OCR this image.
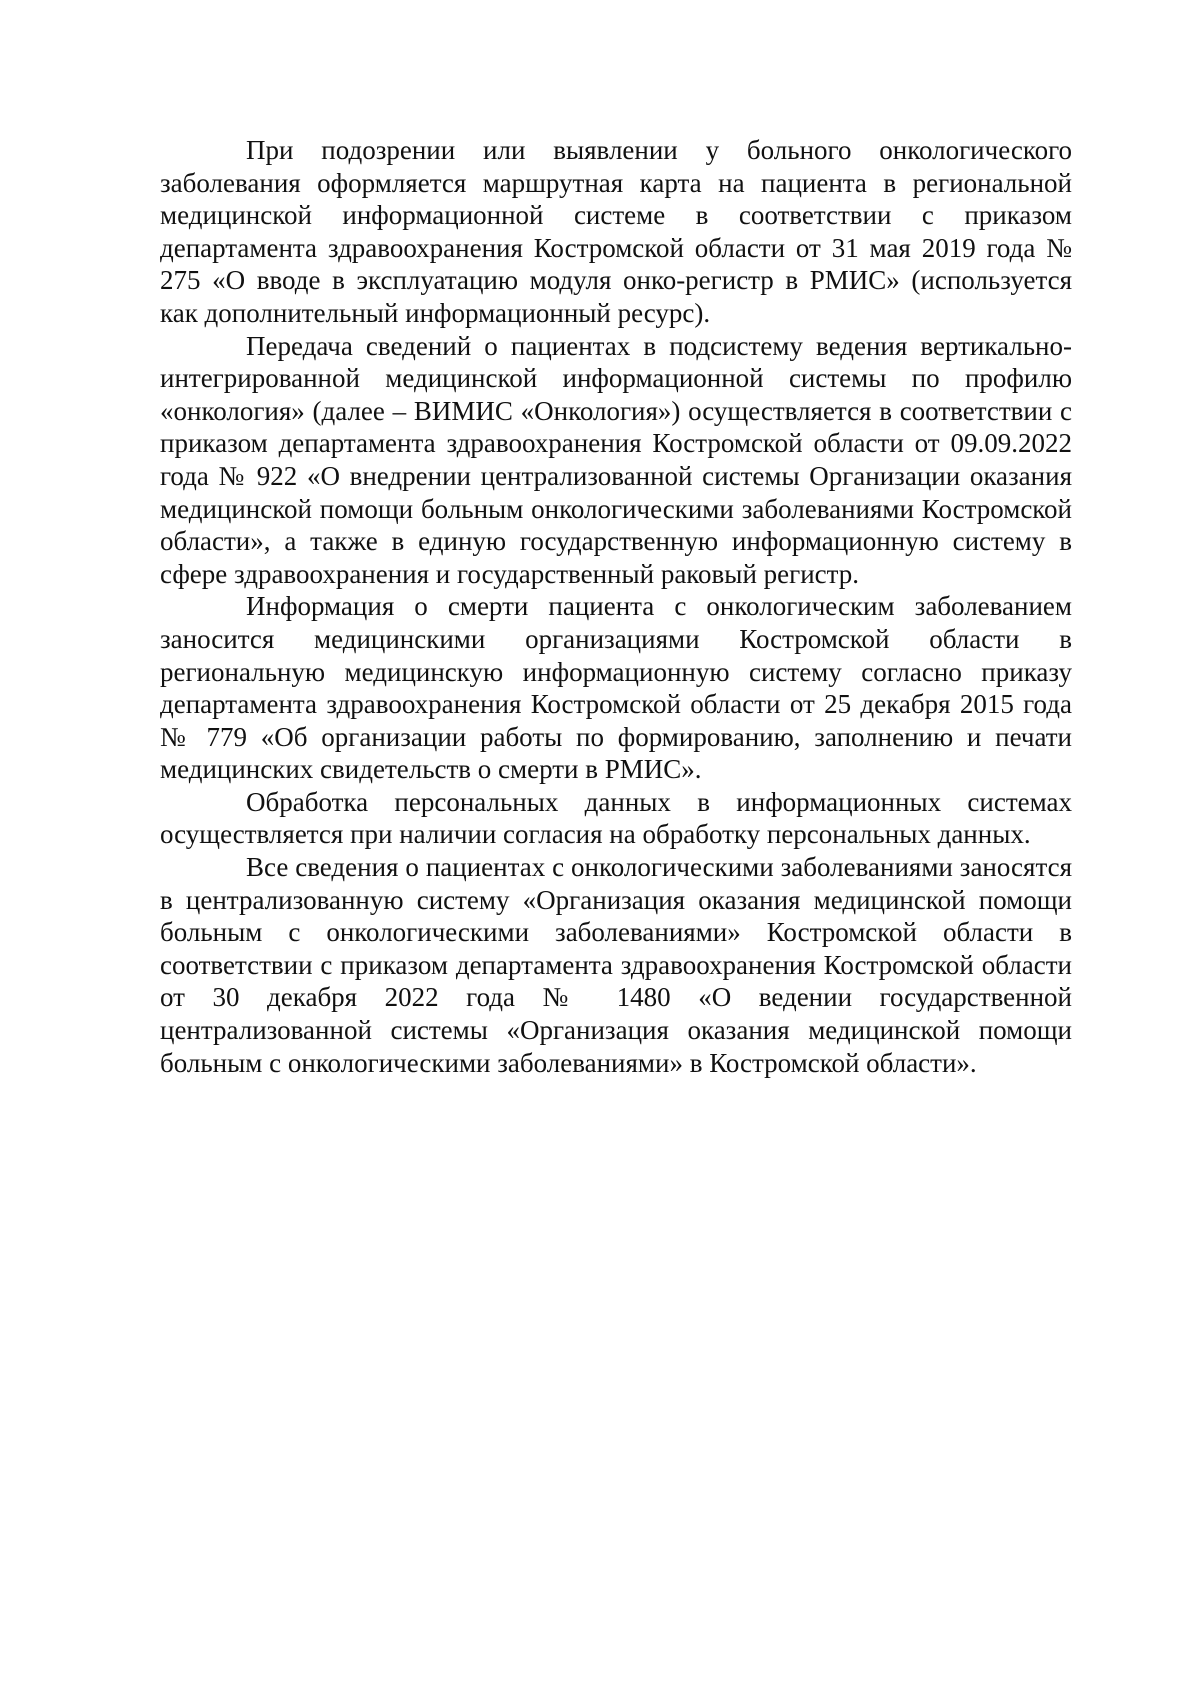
При подозрении или выявлении у больного онкологического заболевания оформляется маршрутная карта на пациента в региональной медицинской информационной системе в соответствии с приказом департамента здравоохранения Костромской области от 31 мая 2019 года № 275 «О вводе в эксплуатацию модуля онко-регистр в РМИС» (используется как дополнительный информационный ресурс).

Передача сведений о пациентах в подсистему ведения вертикально-интегрированной медицинской информационной системы по профилю «онкология» (далее – ВИМИС «Онкология») осуществляется в соответствии с приказом департамента здравоохранения Костромской области от 09.09.2022 года № 922 «О внедрении централизованной системы Организации оказания медицинской помощи больным онкологическими заболеваниями Костромской области», а также в единую государственную информационную систему в сфере здравоохранения и государственный раковый регистр.

Информация о смерти пациента с онкологическим заболеванием заносится медицинскими организациями Костромской области в региональную медицинскую информационную систему согласно приказу департамента здравоохранения Костромской области от 25 декабря 2015 года № 779 «Об организации работы по формированию, заполнению и печати медицинских свидетельств о смерти в РМИС».

Обработка персональных данных в информационных системах осуществляется при наличии согласия на обработку персональных данных.

Все сведения о пациентах с онкологическими заболеваниями заносятся в централизованную систему «Организация оказания медицинской помощи больным с онкологическими заболеваниями» Костромской области в соответствии с приказом департамента здравоохранения Костромской области от 30 декабря 2022 года № 1480 «О ведении государственной централизованной системы «Организация оказания медицинской помощи больным с онкологическими заболеваниями» в Костромской области».
